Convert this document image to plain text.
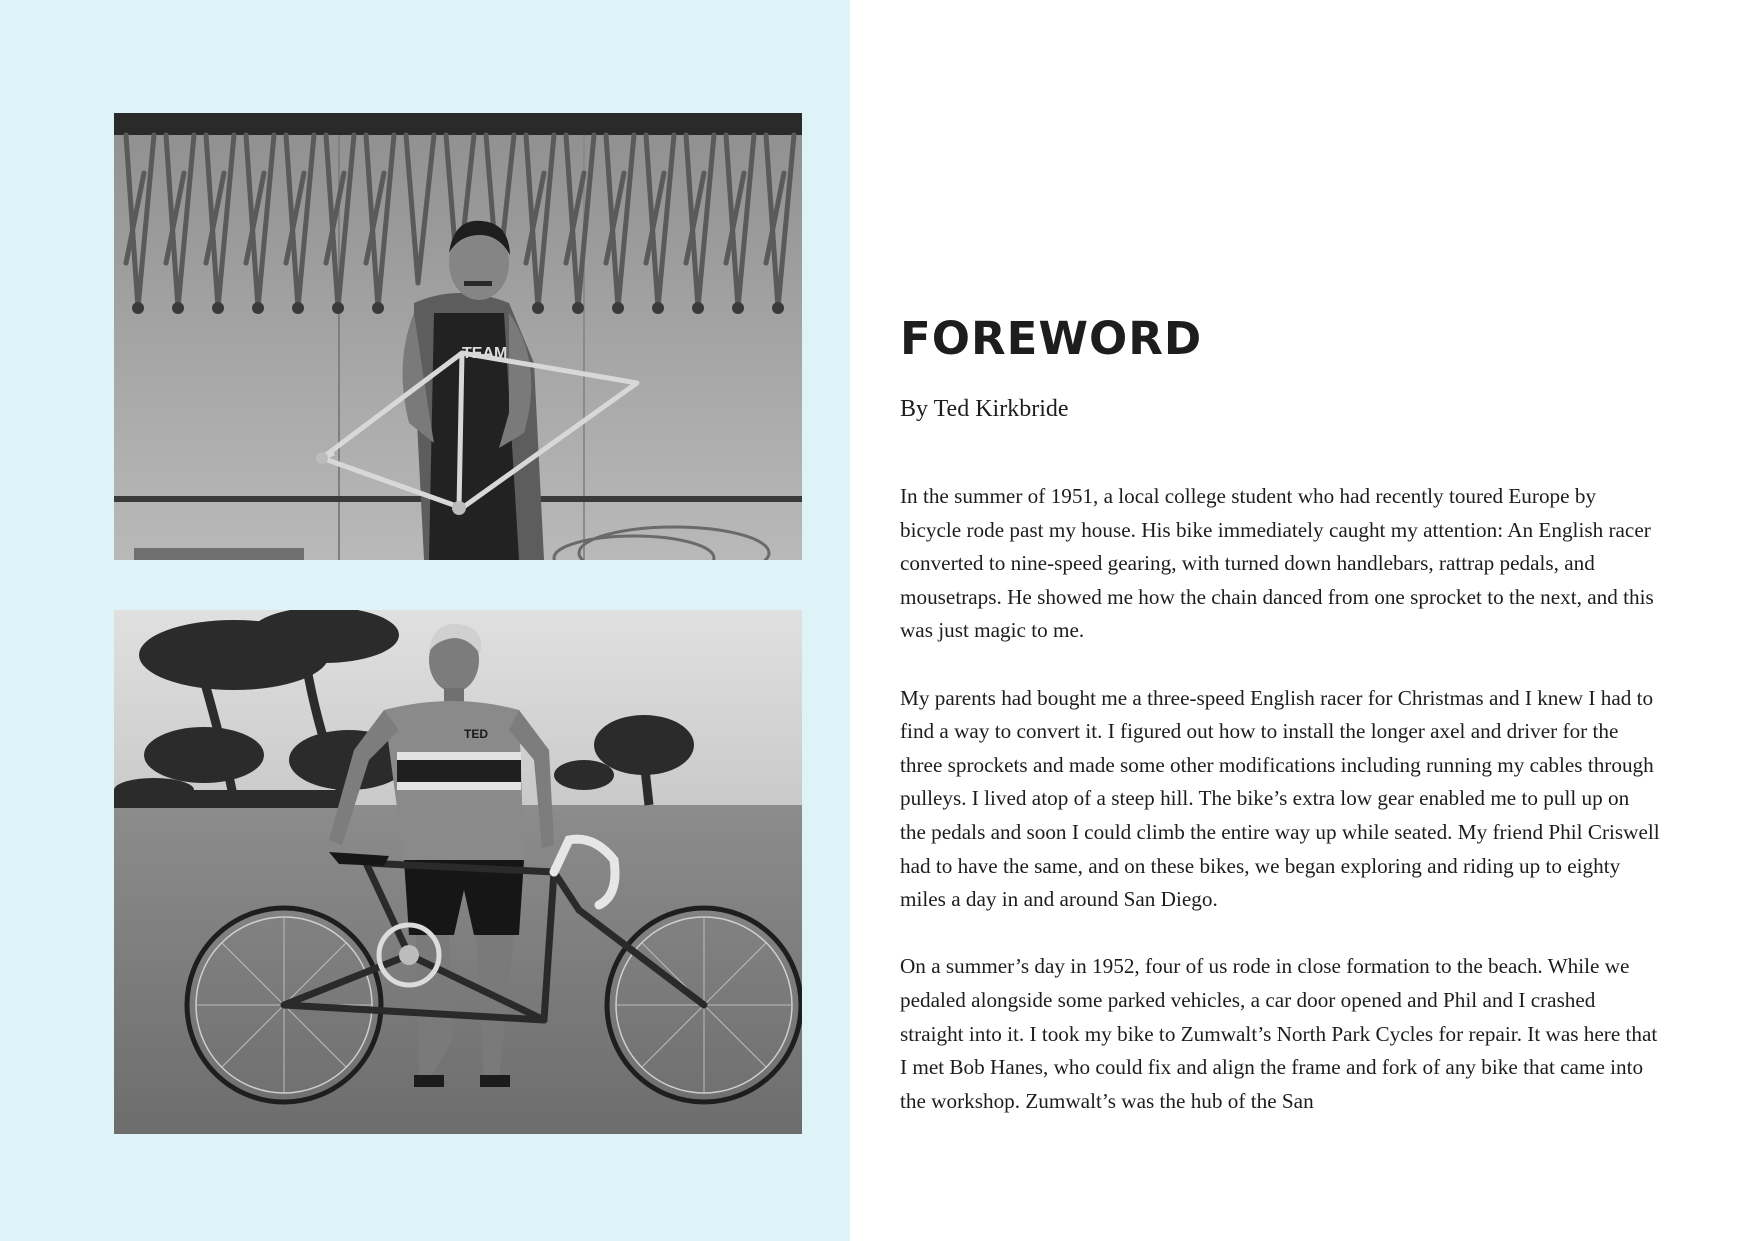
TEAM
TED
FOREWORD

By Ted Kirkbride

In the summer of 1951, a local college student who had recently toured Europe by bicycle rode past my house. His bike immediately caught my attention: An English racer converted to nine-speed gearing, with turned down handlebars, rattrap pedals, and mousetraps. He showed me how the chain danced from one sprocket to the next, and this was just magic to me.

My parents had bought me a three-speed English racer for Christmas and I knew I had to find a way to convert it. I figured out how to install the longer axel and driver for the three sprockets and made some other modifications including running my cables through pulleys. I lived atop of a steep hill. The bike’s extra low gear enabled me to pull up on the pedals and soon I could climb the entire way up while seated. My friend Phil Criswell had to have the same, and on these bikes, we began exploring and riding up to eighty miles a day in and around San Diego.

On a summer’s day in 1952, four of us rode in close formation to the beach. While we pedaled alongside some parked vehicles, a car door opened and Phil and I crashed straight into it. I took my bike to Zumwalt’s North Park Cycles for repair. It was here that I met Bob Hanes, who could fix and align the frame and fork of any bike that came into the workshop. Zumwalt’s was the hub of the San
